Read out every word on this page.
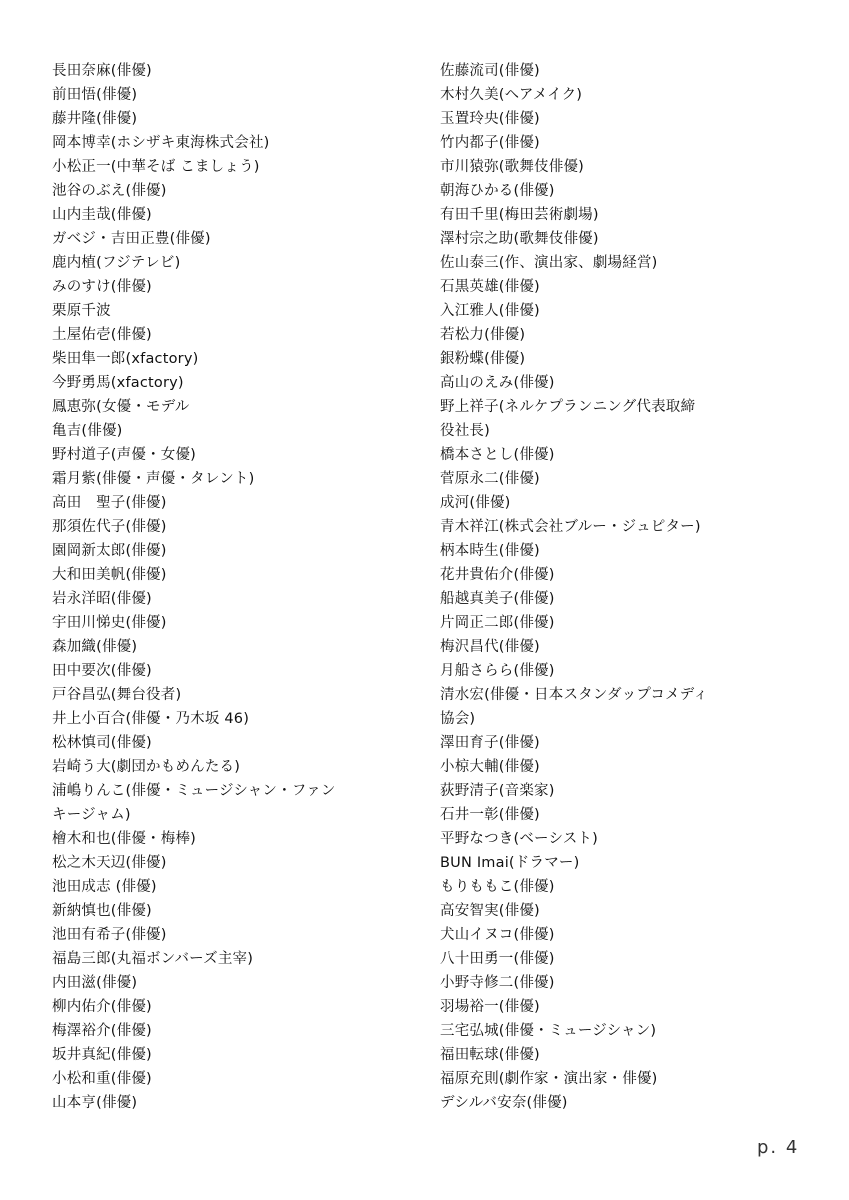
長田奈麻(俳優)
前田悟(俳優)
藤井隆(俳優)
岡本博幸(ホシザキ東海株式会社)
小松正一(中華そば こましょう)
池谷のぶえ(俳優)
山内圭哉(俳優)
ガベジ・吉田正豊(俳優)
鹿内植(フジテレビ)
みのすけ(俳優)
栗原千波
土屋佑壱(俳優)
柴田隼一郎(xfactory)
今野勇馬(xfactory)
鳳恵弥(女優・モデル
亀吉(俳優)
野村道子(声優・女優)
霜月紫(俳優・声優・タレント)
高田　聖子(俳優)
那須佐代子(俳優)
園岡新太郎(俳優)
大和田美帆(俳優)
岩永洋昭(俳優)
宇田川悌史(俳優)
森加織(俳優)
田中要次(俳優)
戸谷昌弘(舞台役者)
井上小百合(俳優・乃木坂 46)
松林慎司(俳優)
岩崎う大(劇団かもめんたる)
浦嶋りんこ(俳優・ミュージシャン・ファン
キージャム)
檜木和也(俳優・梅棒)
松之木天辺(俳優)
池田成志 (俳優)
新納慎也(俳優)
池田有希子(俳優)
福島三郎(丸福ボンバーズ主宰)
内田滋(俳優)
柳内佑介(俳優)
梅澤裕介(俳優)
坂井真紀(俳優)
小松和重(俳優)
山本亨(俳優)
佐藤流司(俳優)
木村久美(ヘアメイク)
玉置玲央(俳優)
竹内都子(俳優)
市川猿弥(歌舞伎俳優)
朝海ひかる(俳優)
有田千里(梅田芸術劇場)
澤村宗之助(歌舞伎俳優)
佐山泰三(作、演出家、劇場経営)
石黒英雄(俳優)
入江雅人(俳優)
若松力(俳優)
銀粉蝶(俳優)
高山のえみ(俳優)
野上祥子(ネルケプランニング代表取締
役社長)
橋本さとし(俳優)
菅原永二(俳優)
成河(俳優)
青木祥江(株式会社ブルー・ジュピター)
柄本時生(俳優)
花井貴佑介(俳優)
船越真美子(俳優)
片岡正二郎(俳優)
梅沢昌代(俳優)
月船さらら(俳優)
清水宏(俳優・日本スタンダップコメディ
協会)
澤田育子(俳優)
小椋大輔(俳優)
荻野清子(音楽家)
石井一彰(俳優)
平野なつき(ベーシスト)
BUN Imai(ドラマー)
もりももこ(俳優)
高安智実(俳優)
犬山イヌコ(俳優)
八十田勇一(俳優)
小野寺修二(俳優)
羽場裕一(俳優)
三宅弘城(俳優・ミュージシャン)
福田転球(俳優)
福原充則(劇作家・演出家・俳優)
デシルバ安奈(俳優)
p. 4
